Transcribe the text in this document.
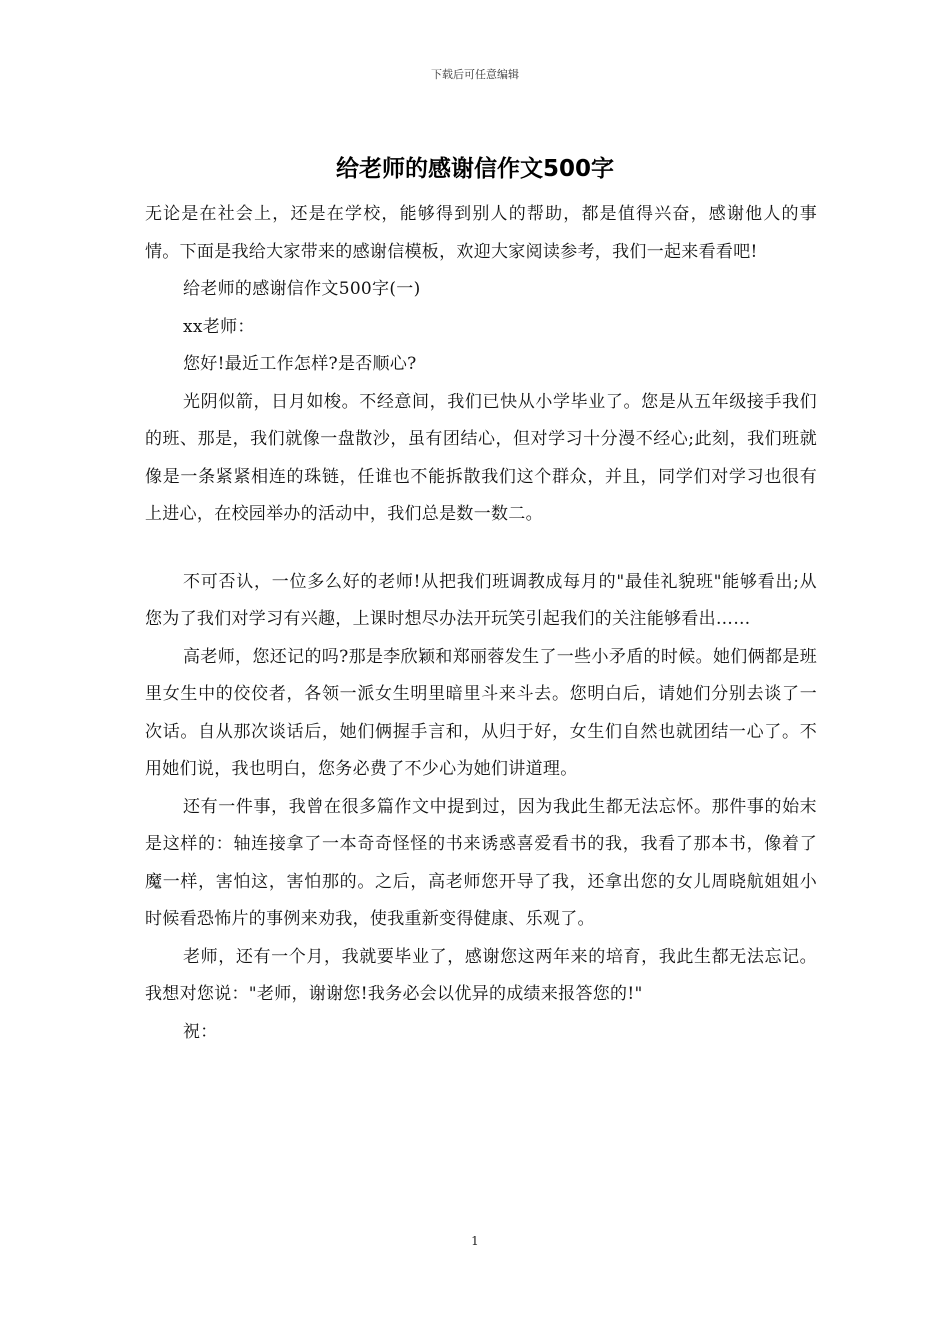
下载后可任意编辑
给老师的感谢信作文500字

无论是在社会上，还是在学校，能够得到别人的帮助，都是值得兴奋，感谢他人的事情。下面是我给大家带来的感谢信模板，欢迎大家阅读参考，我们一起来看看吧!

给老师的感谢信作文500字(一)

xx老师：

您好!最近工作怎样?是否顺心?

光阴似箭，日月如梭。不经意间，我们已快从小学毕业了。您是从五年级接手我们的班、那是，我们就像一盘散沙，虽有团结心，但对学习十分漫不经心;此刻，我们班就像是一条紧紧相连的珠链，任谁也不能拆散我们这个群众，并且，同学们对学习也很有上进心，在校园举办的活动中，我们总是数一数二。

不可否认，一位多么好的老师!从把我们班调教成每月的"最佳礼貌班"能够看出;从您为了我们对学习有兴趣，上课时想尽办法开玩笑引起我们的关注能够看出……

高老师，您还记的吗?那是李欣颖和郑丽蓉发生了一些小矛盾的时候。她们俩都是班里女生中的佼佼者，各领一派女生明里暗里斗来斗去。您明白后，请她们分别去谈了一次话。自从那次谈话后，她们俩握手言和，从归于好，女生们自然也就团结一心了。不用她们说，我也明白，您务必费了不少心为她们讲道理。

还有一件事，我曾在很多篇作文中提到过，因为我此生都无法忘怀。那件事的始末是这样的：轴连接拿了一本奇奇怪怪的书来诱惑喜爱看书的我，我看了那本书，像着了魔一样，害怕这，害怕那的。之后，高老师您开导了我，还拿出您的女儿周晓航姐姐小时候看恐怖片的事例来劝我，使我重新变得健康、乐观了。

老师，还有一个月，我就要毕业了，感谢您这两年来的培育，我此生都无法忘记。我想对您说："老师，谢谢您!我务必会以优异的成绩来报答您的!"

祝：

1
